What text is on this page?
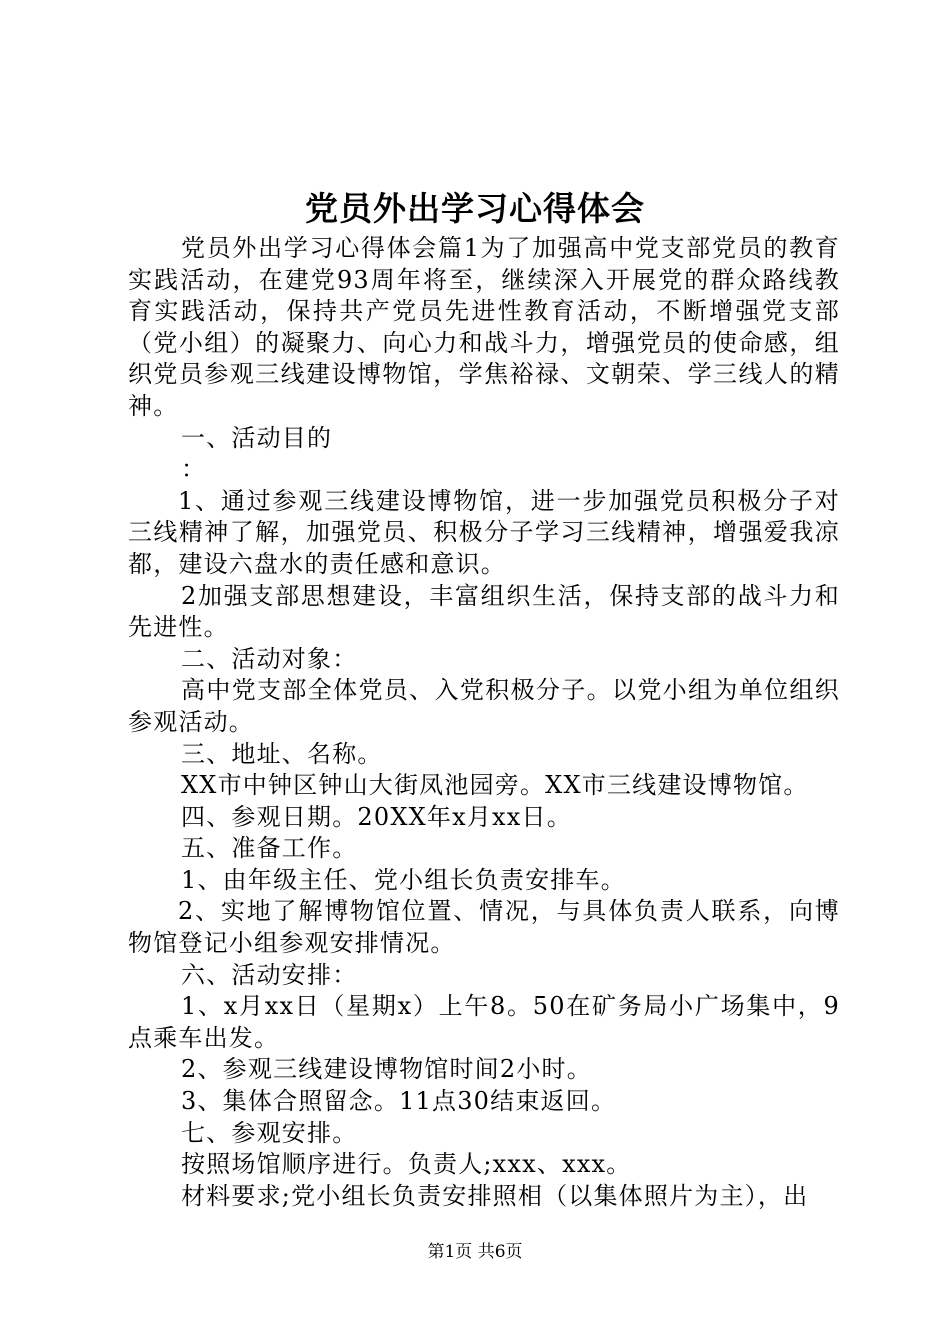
党员外出学习心得体会

党员外出学习心得体会篇1为了加强高中党支部党员的教育实践活动，在建党93周年将至，继续深入开展党的群众路线教育实践活动，保持共产党员先进性教育活动，不断增强党支部（党小组）的凝聚力、向心力和战斗力，增强党员的使命感，组织党员参观三线建设博物馆，学焦裕禄、文朝荣、学三线人的精神。

一、活动目的

：

1、通过参观三线建设博物馆，进一步加强党员积极分子对三线精神了解，加强党员、积极分子学习三线精神，增强爱我凉都，建设六盘水的责任感和意识。

2加强支部思想建设，丰富组织生活，保持支部的战斗力和先进性。

二、活动对象：

高中党支部全体党员、入党积极分子。以党小组为单位组织参观活动。

三、地址、名称。

XX市中钟区钟山大街凤池园旁。XX市三线建设博物馆。

四、参观日期。20XX年x月xx日。

五、准备工作。

1、由年级主任、党小组长负责安排车。

2、实地了解博物馆位置、情况，与具体负责人联系，向博物馆登记小组参观安排情况。

六、活动安排：

1、x月xx日（星期x）上午8。50在矿务局小广场集中，9点乘车出发。

2、参观三线建设博物馆时间2小时。

3、集体合照留念。11点30结束返回。

七、参观安排。

按照场馆顺序进行。负责人;xxx、xxx。

材料要求;党小组长负责安排照相（以集体照片为主），出

第1页 共6页
